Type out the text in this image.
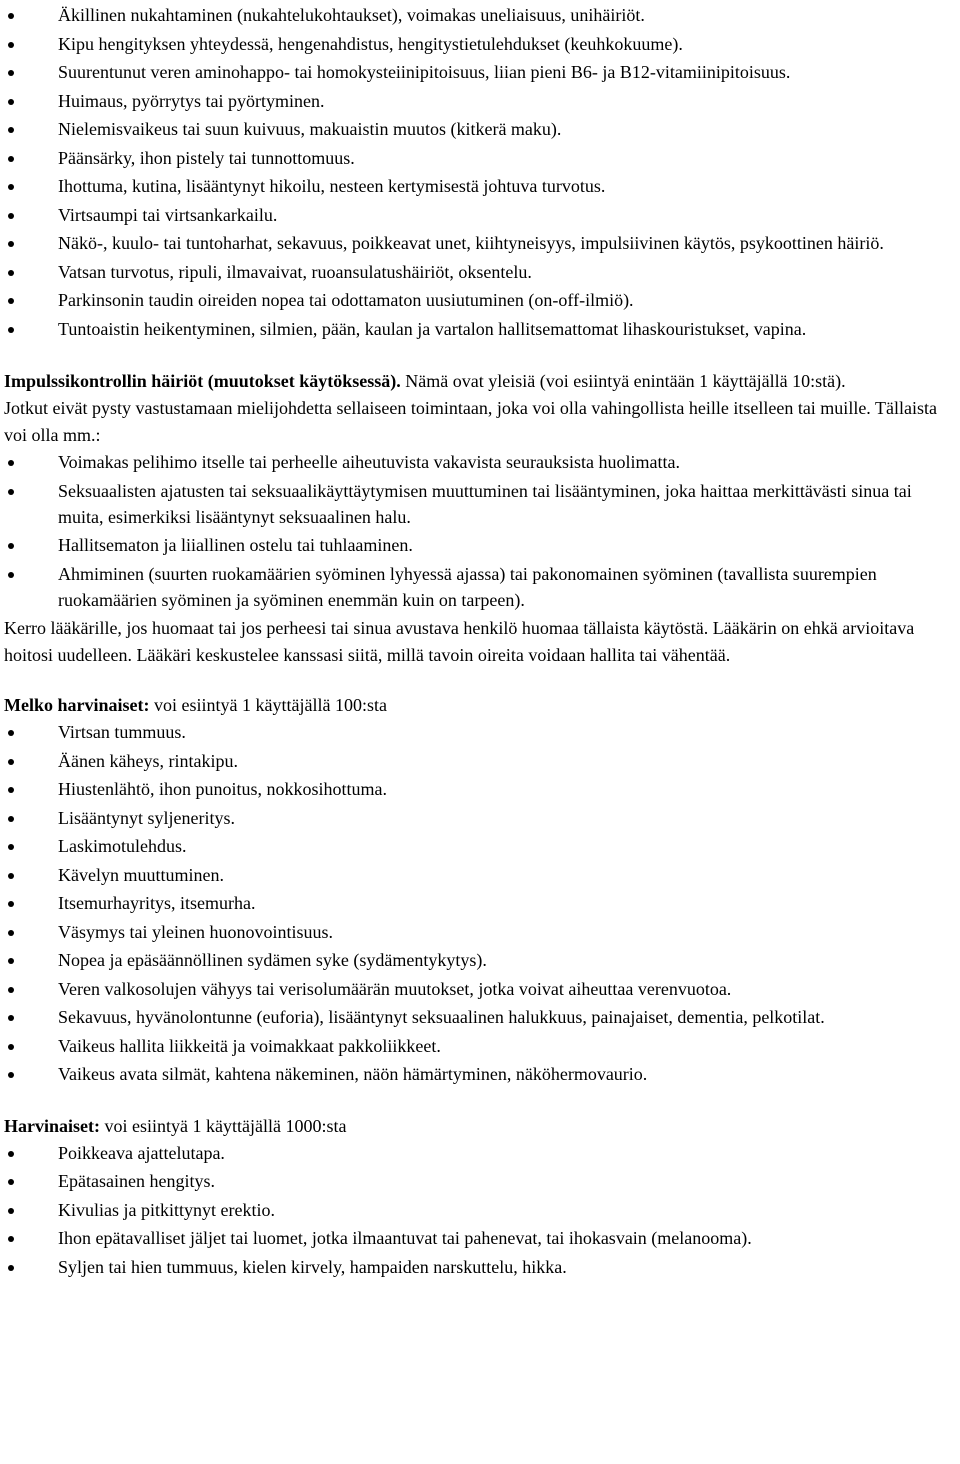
Äkillinen nukahtaminen (nukahtelukohtaukset), voimakas uneliaisuus, unihäiriöt.
Kipu hengityksen yhteydessä, hengenahdistus, hengitystietulehdukset (keuhkokuume).
Suurentunut veren aminohappo- tai homokysteiinipitoisuus, liian pieni B6- ja B12-vitamiinipitoisuus.
Huimaus, pyörrytys tai pyörtyminen.
Nielemisvaikeus tai suun kuivuus, makuaistin muutos (kitkerä maku).
Päänsärky, ihon pistely tai tunnottomuus.
Ihottuma, kutina, lisääntynyt hikoilu, nesteen kertymisestä johtuva turvotus.
Virtsaumpi tai virtsankarkailu.
Näkö-, kuulo- tai tuntoharhat, sekavuus, poikkeavat unet, kiihtyneisyys, impulsiivinen käytös, psykoottinen häiriö.
Vatsan turvotus, ripuli, ilmavaivat, ruoansulatushäiriöt, oksentelu.
Parkinsonin taudin oireiden nopea tai odottamaton uusiutuminen (on-off-ilmiö).
Tuntoaistin heikentyminen, silmien, pään, kaulan ja vartalon hallitsemattomat lihaskouristukset, vapina.

Impulssikontrollin häiriöt (muutokset käytöksessä). Nämä ovat yleisiä (voi esiintyä enintään 1 käyttäjällä 10:stä).

Jotkut eivät pysty vastustamaan mielijohdetta sellaiseen toimintaan, joka voi olla vahingollista heille itselleen tai muille. Tällaista voi olla mm.:

Voimakas pelihimo itselle tai perheelle aiheutuvista vakavista seurauksista huolimatta.
Seksuaalisten ajatusten tai seksuaalikäyttäytymisen muuttuminen tai lisääntyminen, joka haittaa merkittävästi sinua tai muita, esimerkiksi lisääntynyt seksuaalinen halu.
Hallitsematon ja liiallinen ostelu tai tuhlaaminen.
Ahmiminen (suurten ruokamäärien syöminen lyhyessä ajassa) tai pakonomainen syöminen (tavallista suurempien ruokamäärien syöminen ja syöminen enemmän kuin on tarpeen).

Kerro lääkärille, jos huomaat tai jos perheesi tai sinua avustava henkilö huomaa tällaista käytöstä. Lääkärin on ehkä arvioitava hoitosi uudelleen. Lääkäri keskustelee kanssasi siitä, millä tavoin oireita voidaan hallita tai vähentää.

Melko harvinaiset: voi esiintyä 1 käyttäjällä 100:sta

Virtsan tummuus.
Äänen käheys, rintakipu.
Hiustenlähtö, ihon punoitus, nokkosihottuma.
Lisääntynyt syljeneritys.
Laskimotulehdus.
Kävelyn muuttuminen.
Itsemurhayritys, itsemurha.
Väsymys tai yleinen huonovointisuus.
Nopea ja epäsäännöllinen sydämen syke (sydämentykytys).
Veren valkosolujen vähyys tai verisolumäärän muutokset, jotka voivat aiheuttaa verenvuotoa.
Sekavuus, hyvänolontunne (euforia), lisääntynyt seksuaalinen halukkuus, painajaiset, dementia, pelkotilat.
Vaikeus hallita liikkeitä ja voimakkaat pakkoliikkeet.
Vaikeus avata silmät, kahtena näkeminen, näön hämärtyminen, näköhermovaurio.

Harvinaiset: voi esiintyä 1 käyttäjällä 1000:sta

Poikkeava ajattelutapa.
Epätasainen hengitys.
Kivulias ja pitkittynyt erektio.
Ihon epätavalliset jäljet tai luomet, jotka ilmaantuvat tai pahenevat, tai ihokasvain (melanooma).
Syljen tai hien tummuus, kielen kirvely, hampaiden narskuttelu, hikka.
